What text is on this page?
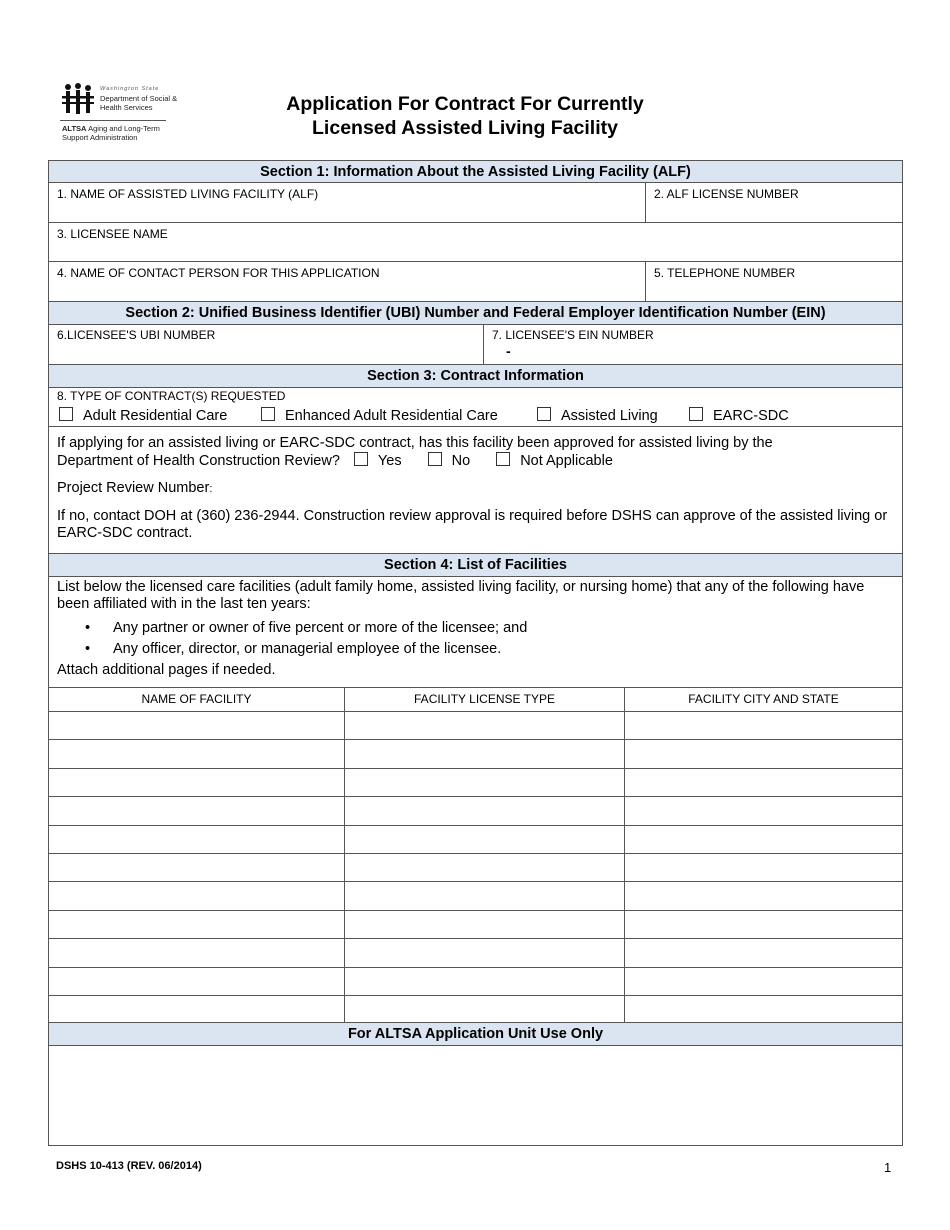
Washington State
Department of Social & Health Services
ALTSA Aging and Long-Term
Support Administration
Application For Contract For Currently
Licensed Assisted Living Facility
Section 1: Information About the Assisted Living Facility (ALF)
1. NAME OF ASSISTED LIVING FACILITY (ALF)	2. ALF LICENSE NUMBER
3. LICENSEE NAME
4. NAME OF CONTACT PERSON FOR THIS APPLICATION	5. TELEPHONE NUMBER
Section 2: Unified Business Identifier (UBI) Number and Federal Employer Identification Number (EIN)
6.LICENSEE'S UBI NUMBER	7. LICENSEE'S EIN NUMBER
-
Section 3: Contract Information
8. TYPE OF CONTRACT(S) REQUESTED
Adult Residential Care	Enhanced Adult Residential Care	Assisted Living	EARC-SDC
If applying for an assisted living or EARC-SDC contract, has this facility been approved for assisted living by the
Department of Health Construction Review?	Yes	No	Not Applicable
Project Review Number:
If no, contact DOH at (360) 236-2944. Construction review approval is required before DSHS can approve of the assisted living or EARC-SDC contract.
Section 4: List of Facilities
List below the licensed care facilities (adult family home, assisted living facility, or nursing home) that any of the following have been affiliated with in the last ten years:
• Any partner or owner of five percent or more of the licensee; and
• Any officer, director, or managerial employee of the licensee.
Attach additional pages if needed.
NAME OF FACILITY	FACILITY LICENSE TYPE	FACILITY CITY AND STATE
For ALTSA Application Unit Use Only
DSHS 10-413 (REV. 06/2014)	1
